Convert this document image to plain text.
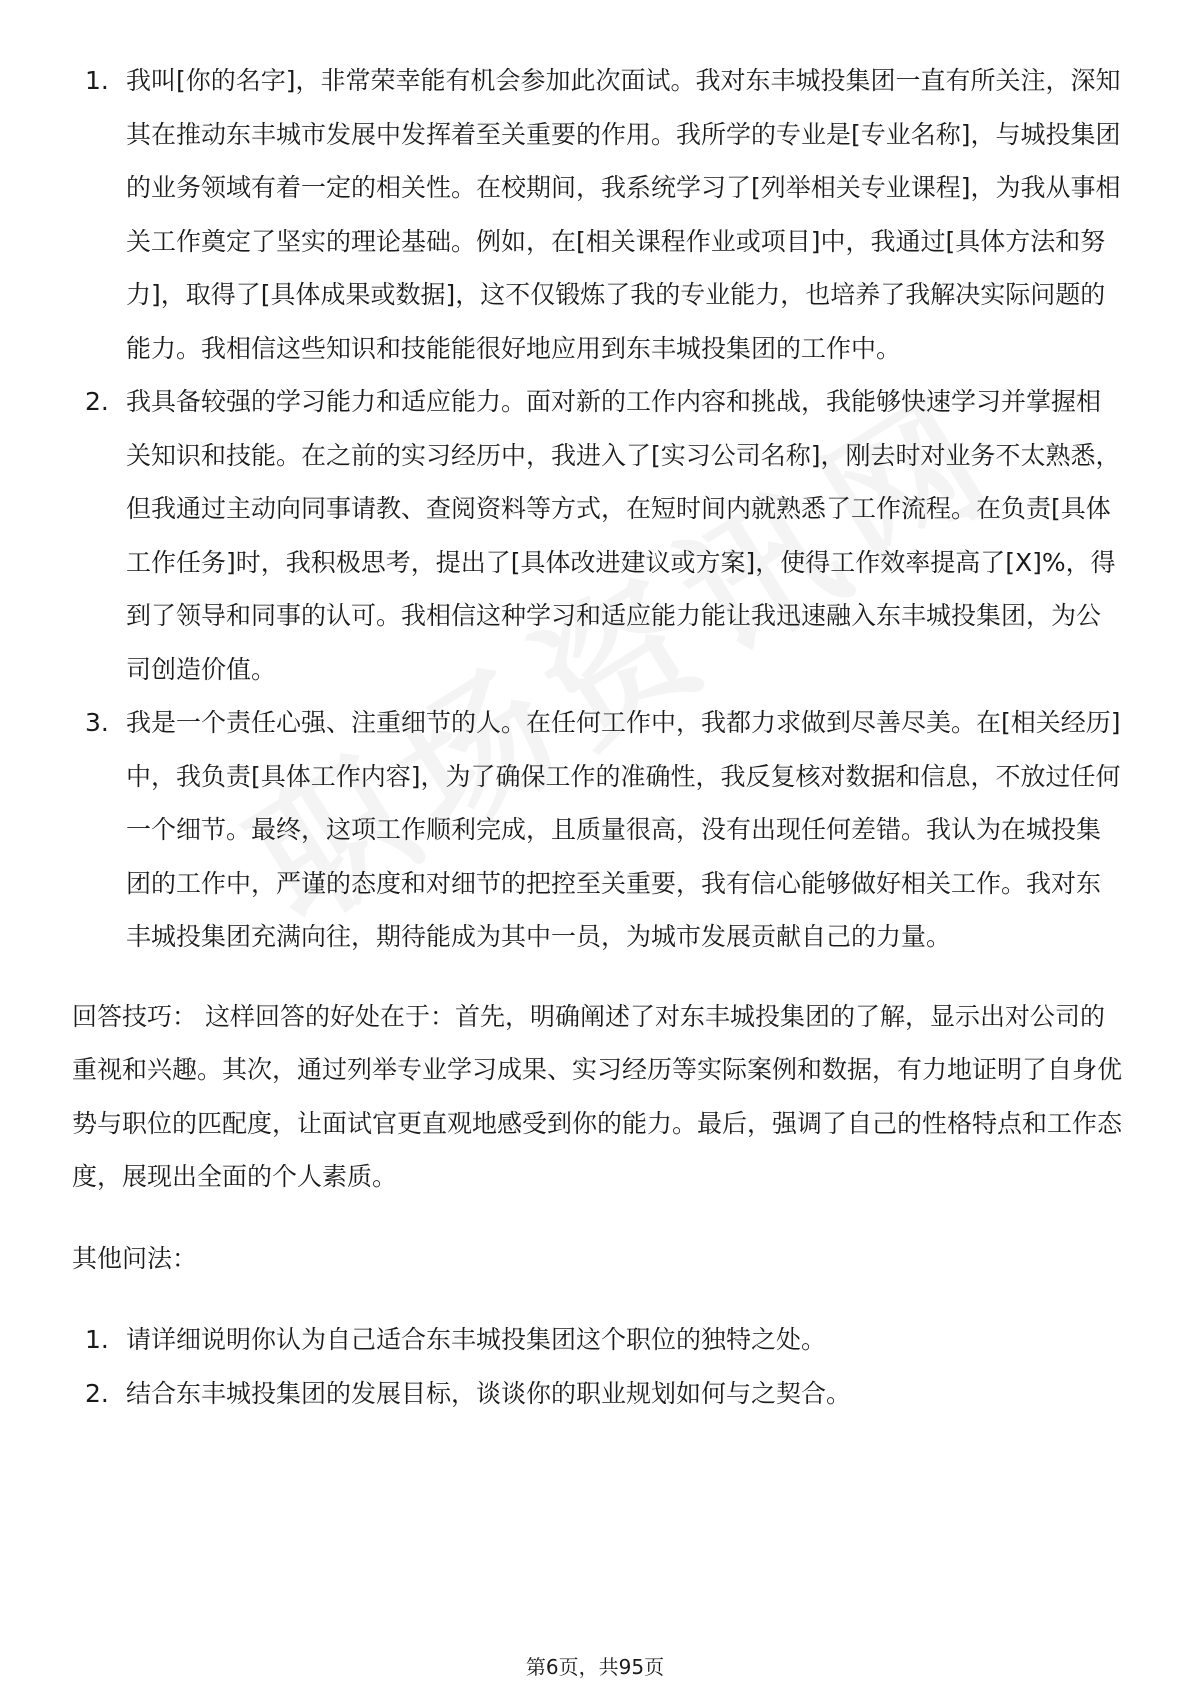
1. 我叫[你的名字]，非常荣幸能有机会参加此次面试。我对东丰城投集团一直有所关注，深知其在推动东丰城市发展中发挥着至关重要的作用。我所学的专业是[专业名称]，与城投集团的业务领域有着一定的相关性。在校期间，我系统学习了[列举相关专业课程]，为我从事相关工作奠定了坚实的理论基础。例如，在[相关课程作业或项目]中，我通过[具体方法和努力]，取得了[具体成果或数据]，这不仅锻炼了我的专业能力，也培养了我解决实际问题的能力。我相信这些知识和技能能很好地应用到东丰城投集团的工作中。
2. 我具备较强的学习能力和适应能力。面对新的工作内容和挑战，我能够快速学习并掌握相关知识和技能。在之前的实习经历中，我进入了[实习公司名称]，刚去时对业务不太熟悉，但我通过主动向同事请教、查阅资料等方式，在短时间内就熟悉了工作流程。在负责[具体工作任务]时，我积极思考，提出了[具体改进建议或方案]，使得工作效率提高了[X]%，得到了领导和同事的认可。我相信这种学习和适应能力能让我迅速融入东丰城投集团，为公司创造价值。
3. 我是一个责任心强、注重细节的人。在任何工作中，我都力求做到尽善尽美。在[相关经历]中，我负责[具体工作内容]，为了确保工作的准确性，我反复核对数据和信息，不放过任何一个细节。最终，这项工作顺利完成，且质量很高，没有出现任何差错。我认为在城投集团的工作中，严谨的态度和对细节的把控至关重要，我有信心能够做好相关工作。我对东丰城投集团充满向往，期待能成为其中一员，为城市发展贡献自己的力量。

回答技巧： 这样回答的好处在于：首先，明确阐述了对东丰城投集团的了解，显示出对公司的重视和兴趣。其次，通过列举专业学习成果、实习经历等实际案例和数据，有力地证明了自身优势与职位的匹配度，让面试官更直观地感受到你的能力。最后，强调了自己的性格特点和工作态度，展现出全面的个人素质。

其他问法：

1. 请详细说明你认为自己适合东丰城投集团这个职位的独特之处。
2. 结合东丰城投集团的发展目标，谈谈你的职业规划如何与之契合。
第6页，共95页
